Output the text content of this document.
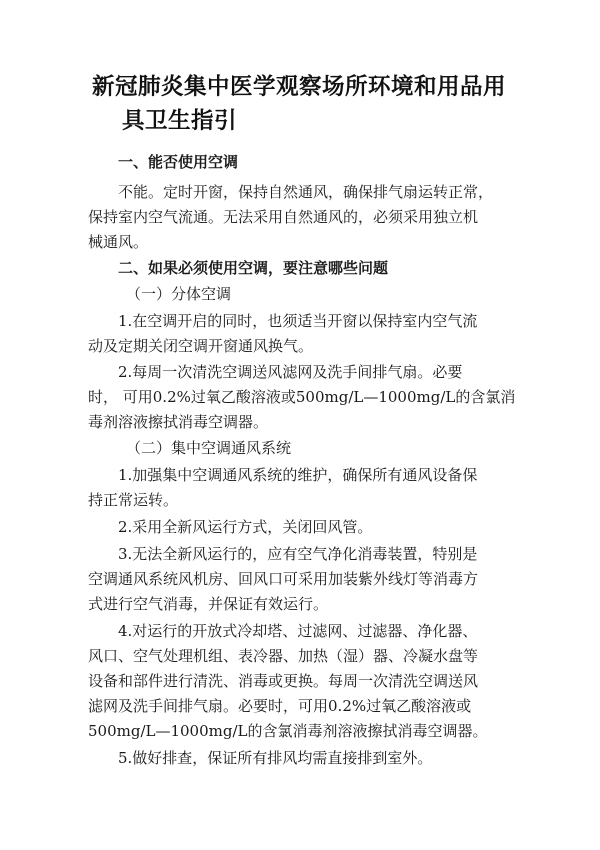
新冠肺炎集中医学观察场所环境和用品用
具卫生指引
一、能否使用空调
不能。定时开窗，保持自然通风，确保排气扇运转正常，
保持室内空气流通。无法采用自然通风的，必须采用独立机
械通风。
二、如果必须使用空调，要注意哪些问题
（一）分体空调
1.在空调开启的同时，也须适当开窗以保持室内空气流
动及定期关闭空调开窗通风换气。
2.每周一次清洗空调送风滤网及洗手间排气扇。必要
时， 可用0.2%过氧乙酸溶液或500mg/L—1000mg/L的含氯消
毒剂溶液擦拭消毒空调器。
（二）集中空调通风系统
1.加强集中空调通风系统的维护，确保所有通风设备保
持正常运转。
2.采用全新风运行方式，关闭回风管。
3.无法全新风运行的，应有空气净化消毒装置，特别是
空调通风系统风机房、回风口可采用加装紫外线灯等消毒方
式进行空气消毒，并保证有效运行。
4.对运行的开放式冷却塔、过滤网、过滤器、净化器、
风口、空气处理机组、表冷器、加热（湿）器、冷凝水盘等
设备和部件进行清洗、消毒或更换。每周一次清洗空调送风
滤网及洗手间排气扇。必要时，可用0.2%过氧乙酸溶液或
500mg/L—1000mg/L的含氯消毒剂溶液擦拭消毒空调器。
5.做好排查，保证所有排风均需直接排到室外。
